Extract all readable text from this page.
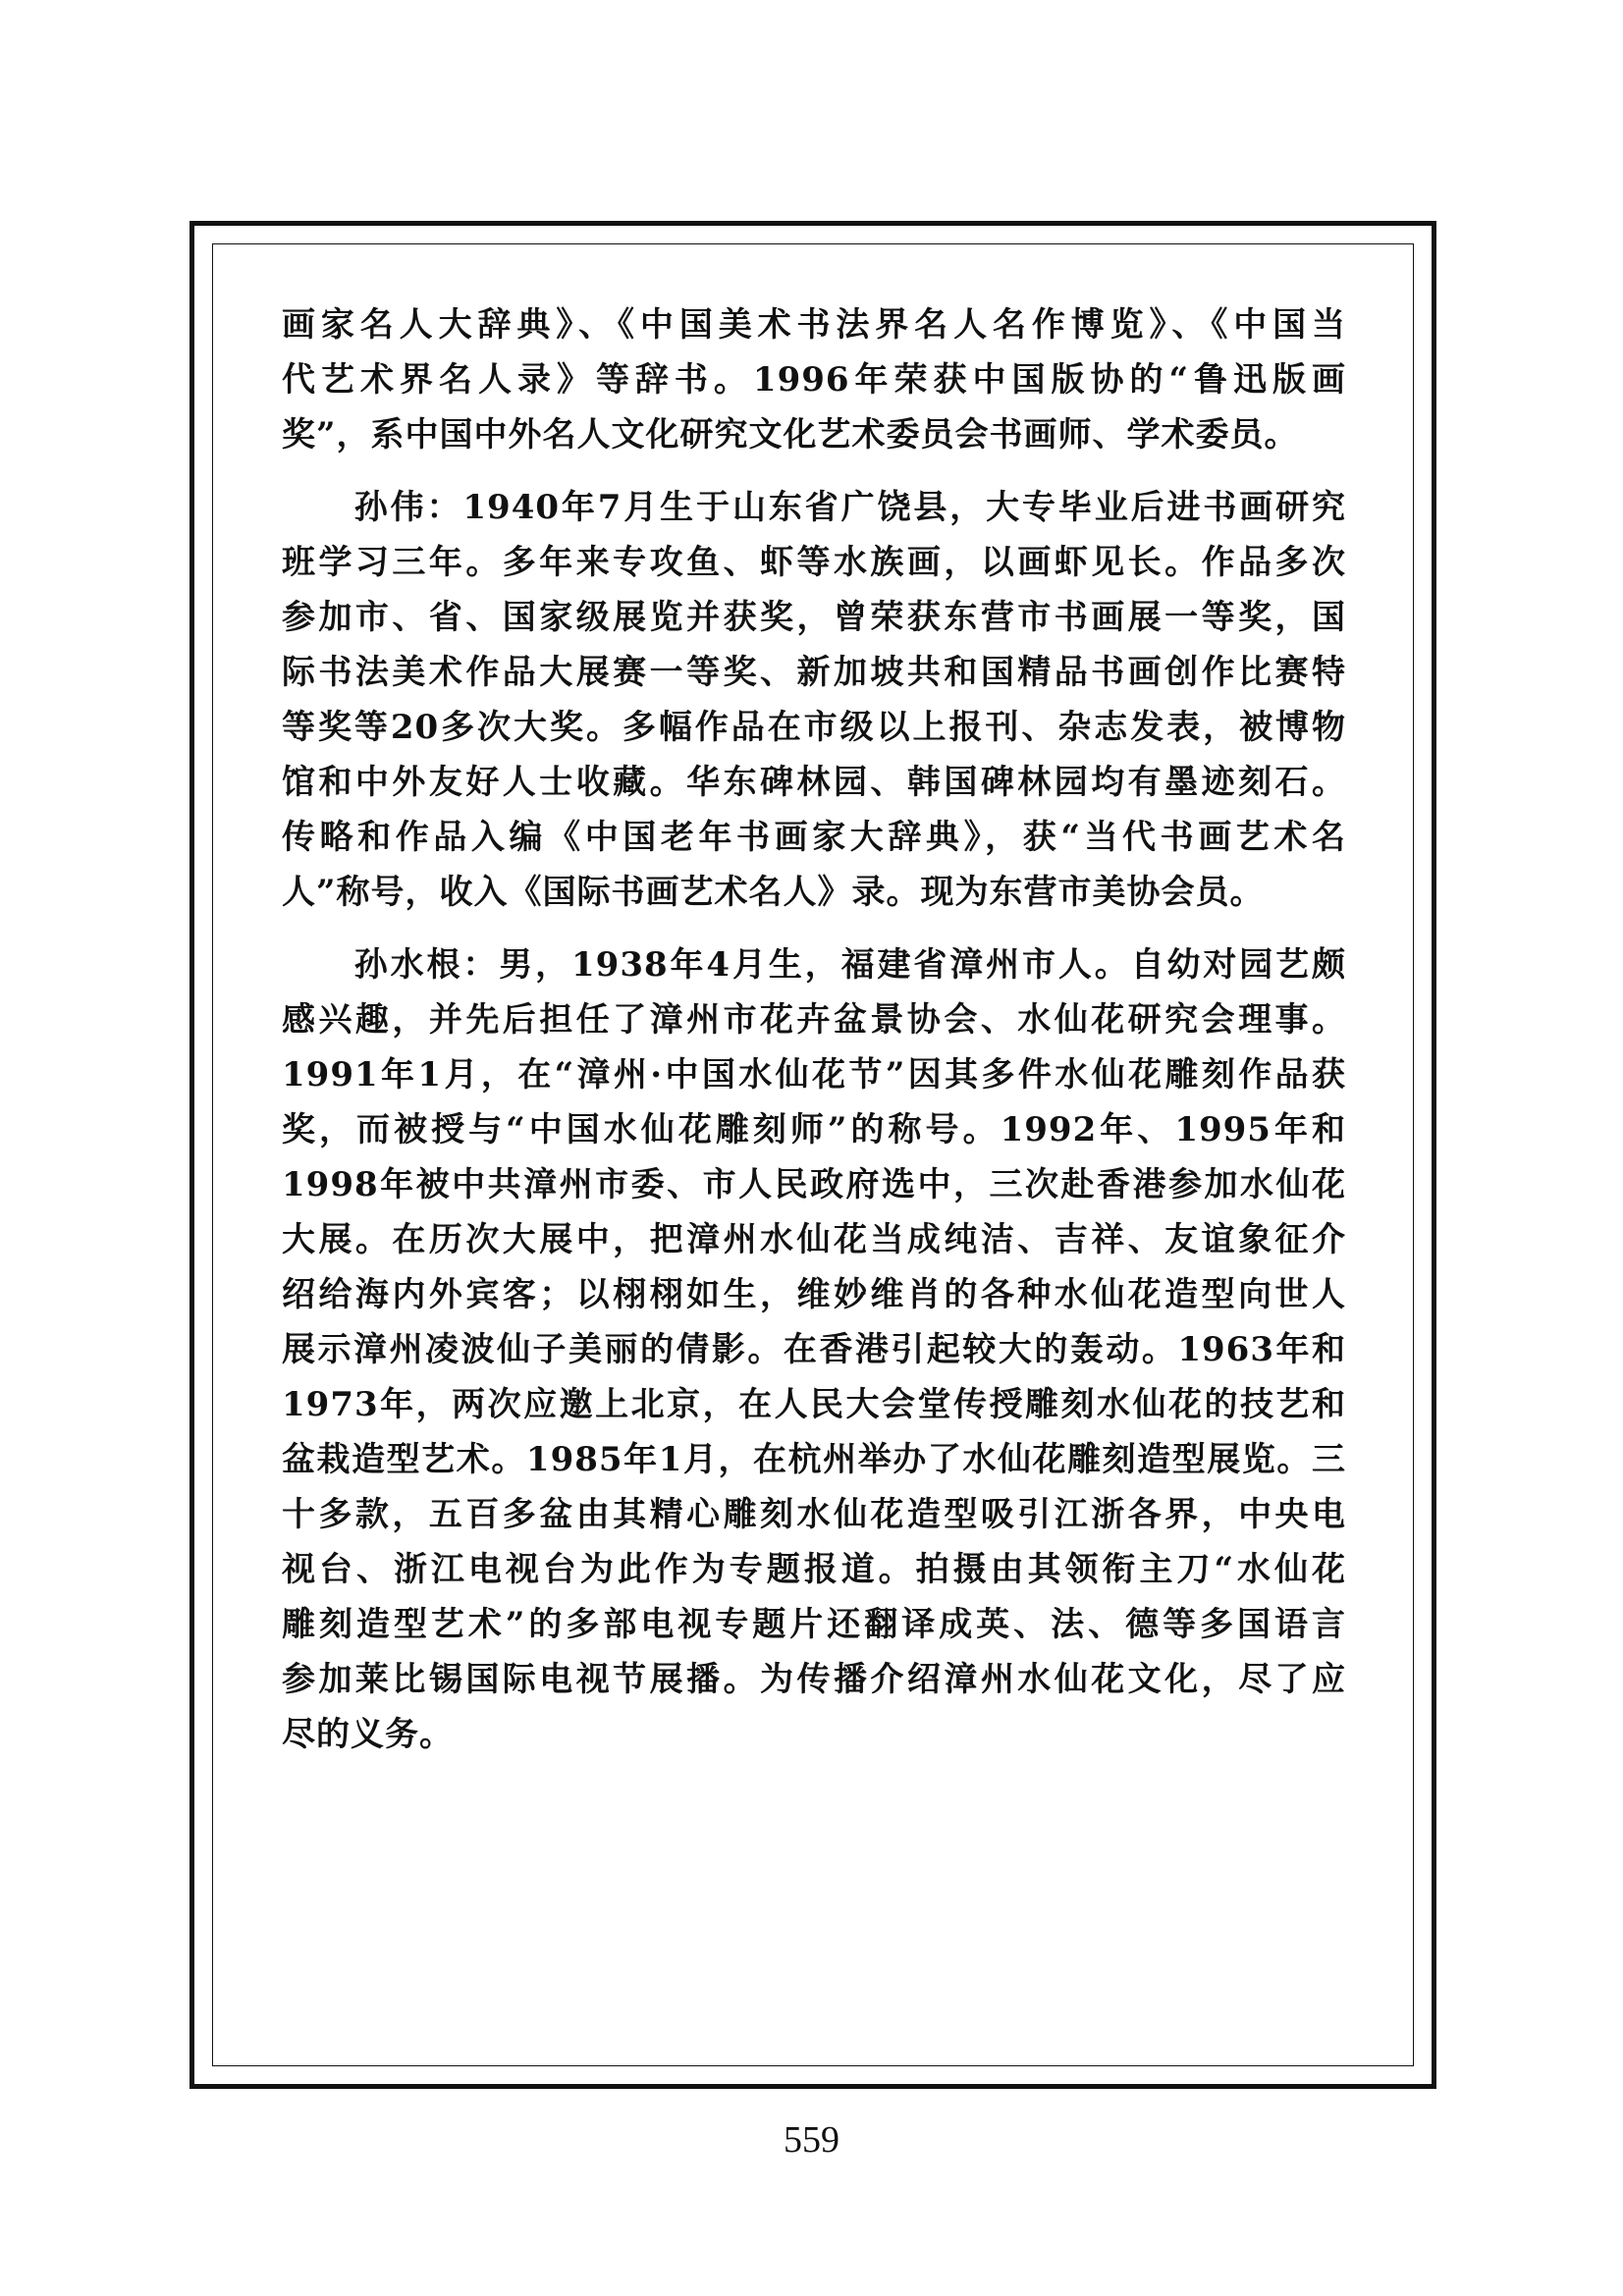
画家名人大辞典》、《中国美术书法界名人名作博览》、《中国当
代艺术界名人录》等辞书。1996年荣获中国版协的“鲁迅版画
奖”，系中国中外名人文化研究文化艺术委员会书画师、学术委员。
　　孙伟：1940年7月生于山东省广饶县，大专毕业后进书画研究
班学习三年。多年来专攻鱼、虾等水族画，以画虾见长。作品多次
参加市、省、国家级展览并获奖，曾荣获东营市书画展一等奖，国
际书法美术作品大展赛一等奖、新加坡共和国精品书画创作比赛特
等奖等20多次大奖。多幅作品在市级以上报刊、杂志发表，被博物
馆和中外友好人士收藏。华东碑林园、韩国碑林园均有墨迹刻石。
传略和作品入编《中国老年书画家大辞典》，获“当代书画艺术名
人”称号，收入《国际书画艺术名人》录。现为东营市美协会员。
　　孙水根：男，1938年4月生，福建省漳州市人。自幼对园艺颇
感兴趣，并先后担任了漳州市花卉盆景协会、水仙花研究会理事。
1991年1月，在“漳州·中国水仙花节”因其多件水仙花雕刻作品获
奖，而被授与“中国水仙花雕刻师”的称号。1992年、1995年和
1998年被中共漳州市委、市人民政府选中，三次赴香港参加水仙花
大展。在历次大展中，把漳州水仙花当成纯洁、吉祥、友谊象征介
绍给海内外宾客；以栩栩如生，维妙维肖的各种水仙花造型向世人
展示漳州凌波仙子美丽的倩影。在香港引起较大的轰动。1963年和
1973年，两次应邀上北京，在人民大会堂传授雕刻水仙花的技艺和
盆栽造型艺术。1985年1月，在杭州举办了水仙花雕刻造型展览。三
十多款，五百多盆由其精心雕刻水仙花造型吸引江浙各界，中央电
视台、浙江电视台为此作为专题报道。拍摄由其领衔主刀“水仙花
雕刻造型艺术”的多部电视专题片还翻译成英、法、德等多国语言
参加莱比锡国际电视节展播。为传播介绍漳州水仙花文化，尽了应
尽的义务。
559
